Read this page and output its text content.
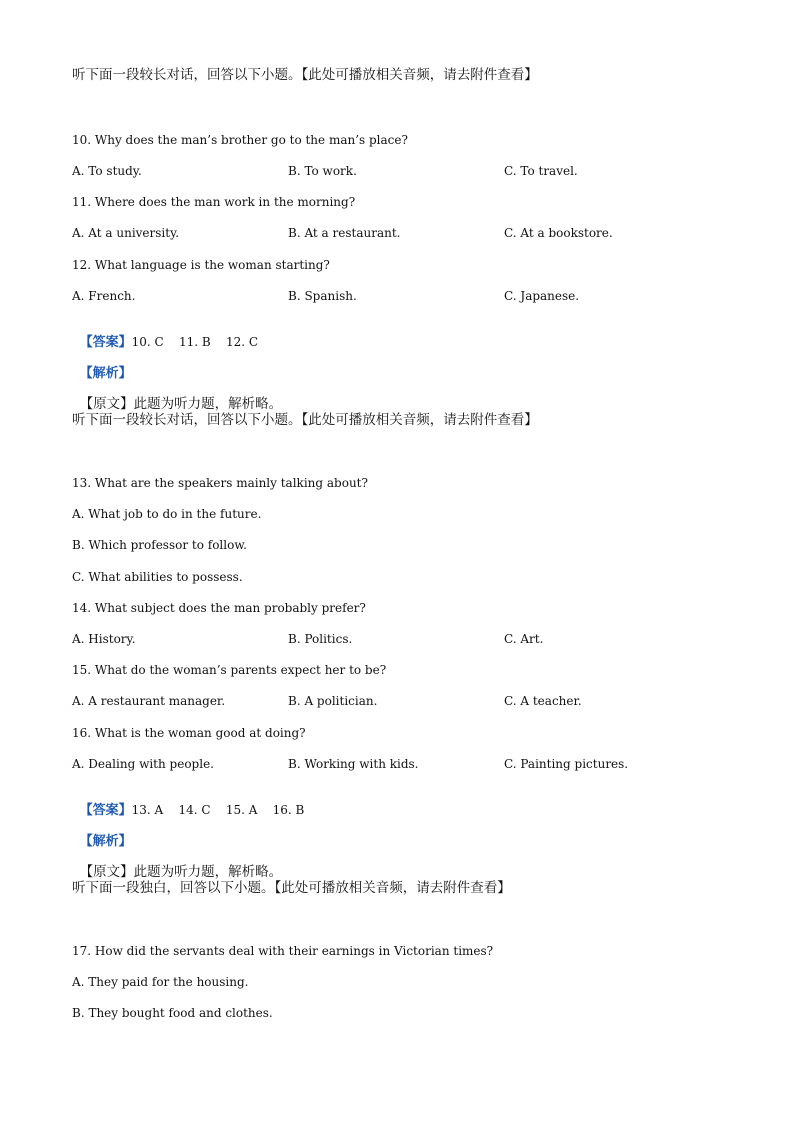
听下面一段较长对话，回答以下小题。【此处可播放相关音频，请去附件查看】
10. Why does the man’s brother go to the man’s place?
A. To study.	B. To work.	C. To travel.
11. Where does the man work in the morning?
A. At a university.	B. At a restaurant.	C. At a bookstore.
12. What language is the woman starting?
A. French.	B. Spanish.	C. Japanese.

【答案】10. C    11. B    12. C

【解析】

【原文】此题为听力题，解析略。

听下面一段较长对话，回答以下小题。【此处可播放相关音频，请去附件查看】
13. What are the speakers mainly talking about?
A. What job to do in the future.
B. Which professor to follow.
C. What abilities to possess.
14. What subject does the man probably prefer?
A. History.	B. Politics.	C. Art.
15. What do the woman’s parents expect her to be?
A. A restaurant manager.	B. A politician.	C. A teacher.
16. What is the woman good at doing?
A. Dealing with people.	B. Working with kids.	C. Painting pictures.

【答案】13. A    14. C    15. A    16. B

【解析】

【原文】此题为听力题，解析略。

听下面一段独白，回答以下小题。【此处可播放相关音频，请去附件查看】
17. How did the servants deal with their earnings in Victorian times?
A. They paid for the housing.
B. They bought food and clothes.
